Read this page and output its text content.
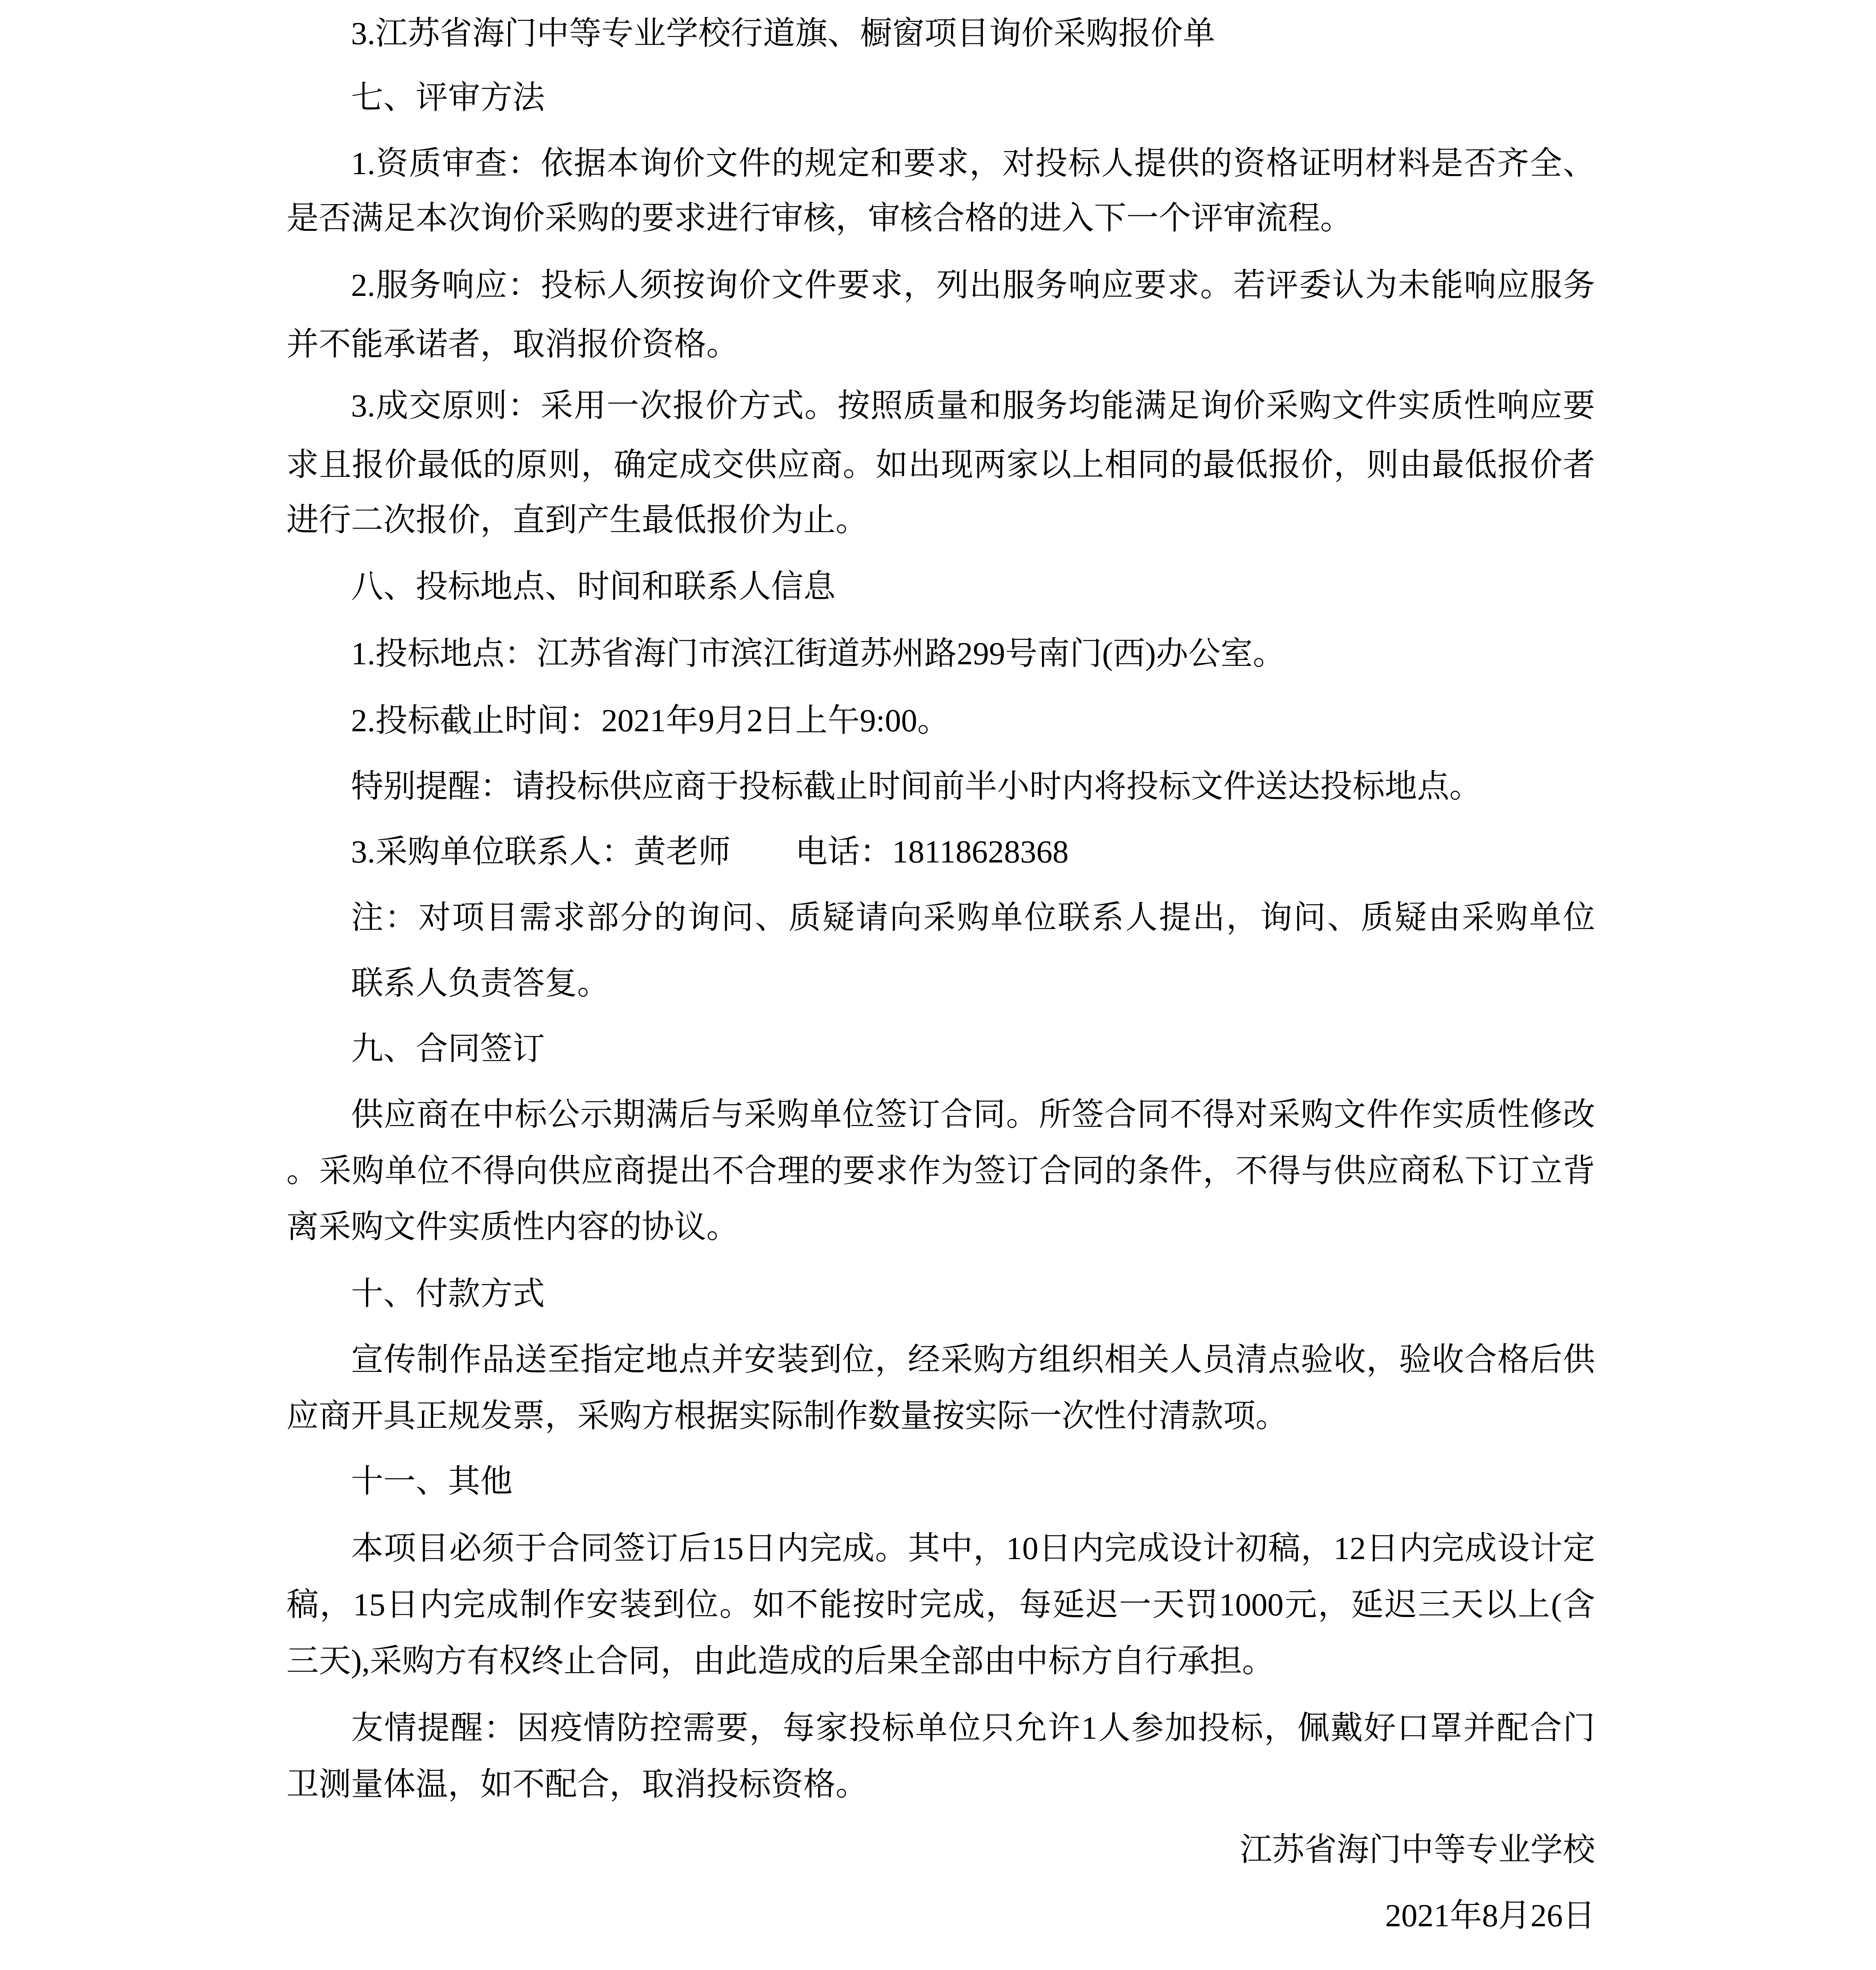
3.江苏省海门中等专业学校行道旗、橱窗项目询价采购报价单
七、评审方法
1.资质审查：依据本询价文件的规定和要求，对投标人提供的资格证明材料是否齐全、
是否满足本次询价采购的要求进行审核，审核合格的进入下一个评审流程。
2.服务响应：投标人须按询价文件要求，列出服务响应要求。若评委认为未能响应服务
并不能承诺者，取消报价资格。
3.成交原则：采用一次报价方式。按照质量和服务均能满足询价采购文件实质性响应要
求且报价最低的原则，确定成交供应商。如出现两家以上相同的最低报价，则由最低报价者
进行二次报价，直到产生最低报价为止。
八、投标地点、时间和联系人信息
1.投标地点：江苏省海门市滨江街道苏州路299号南门(西)办公室。
2.投标截止时间：2021年9月2日上午9:00。
特别提醒：请投标供应商于投标截止时间前半小时内将投标文件送达投标地点。
3.采购单位联系人：黄老师　　电话：18118628368
注：对项目需求部分的询问、质疑请向采购单位联系人提出，询问、质疑由采购单位
联系人负责答复。
九、合同签订
供应商在中标公示期满后与采购单位签订合同。所签合同不得对采购文件作实质性修改
。采购单位不得向供应商提出不合理的要求作为签订合同的条件，不得与供应商私下订立背
离采购文件实质性内容的协议。
十、付款方式
宣传制作品送至指定地点并安装到位，经采购方组织相关人员清点验收，验收合格后供
应商开具正规发票，采购方根据实际制作数量按实际一次性付清款项。
十一、其他
本项目必须于合同签订后15日内完成。其中，10日内完成设计初稿，12日内完成设计定
稿，15日内完成制作安装到位。如不能按时完成，每延迟一天罚1000元，延迟三天以上(含
三天),采购方有权终止合同，由此造成的后果全部由中标方自行承担。
友情提醒：因疫情防控需要，每家投标单位只允许1人参加投标，佩戴好口罩并配合门
卫测量体温，如不配合，取消投标资格。
江苏省海门中等专业学校
2021年8月26日
